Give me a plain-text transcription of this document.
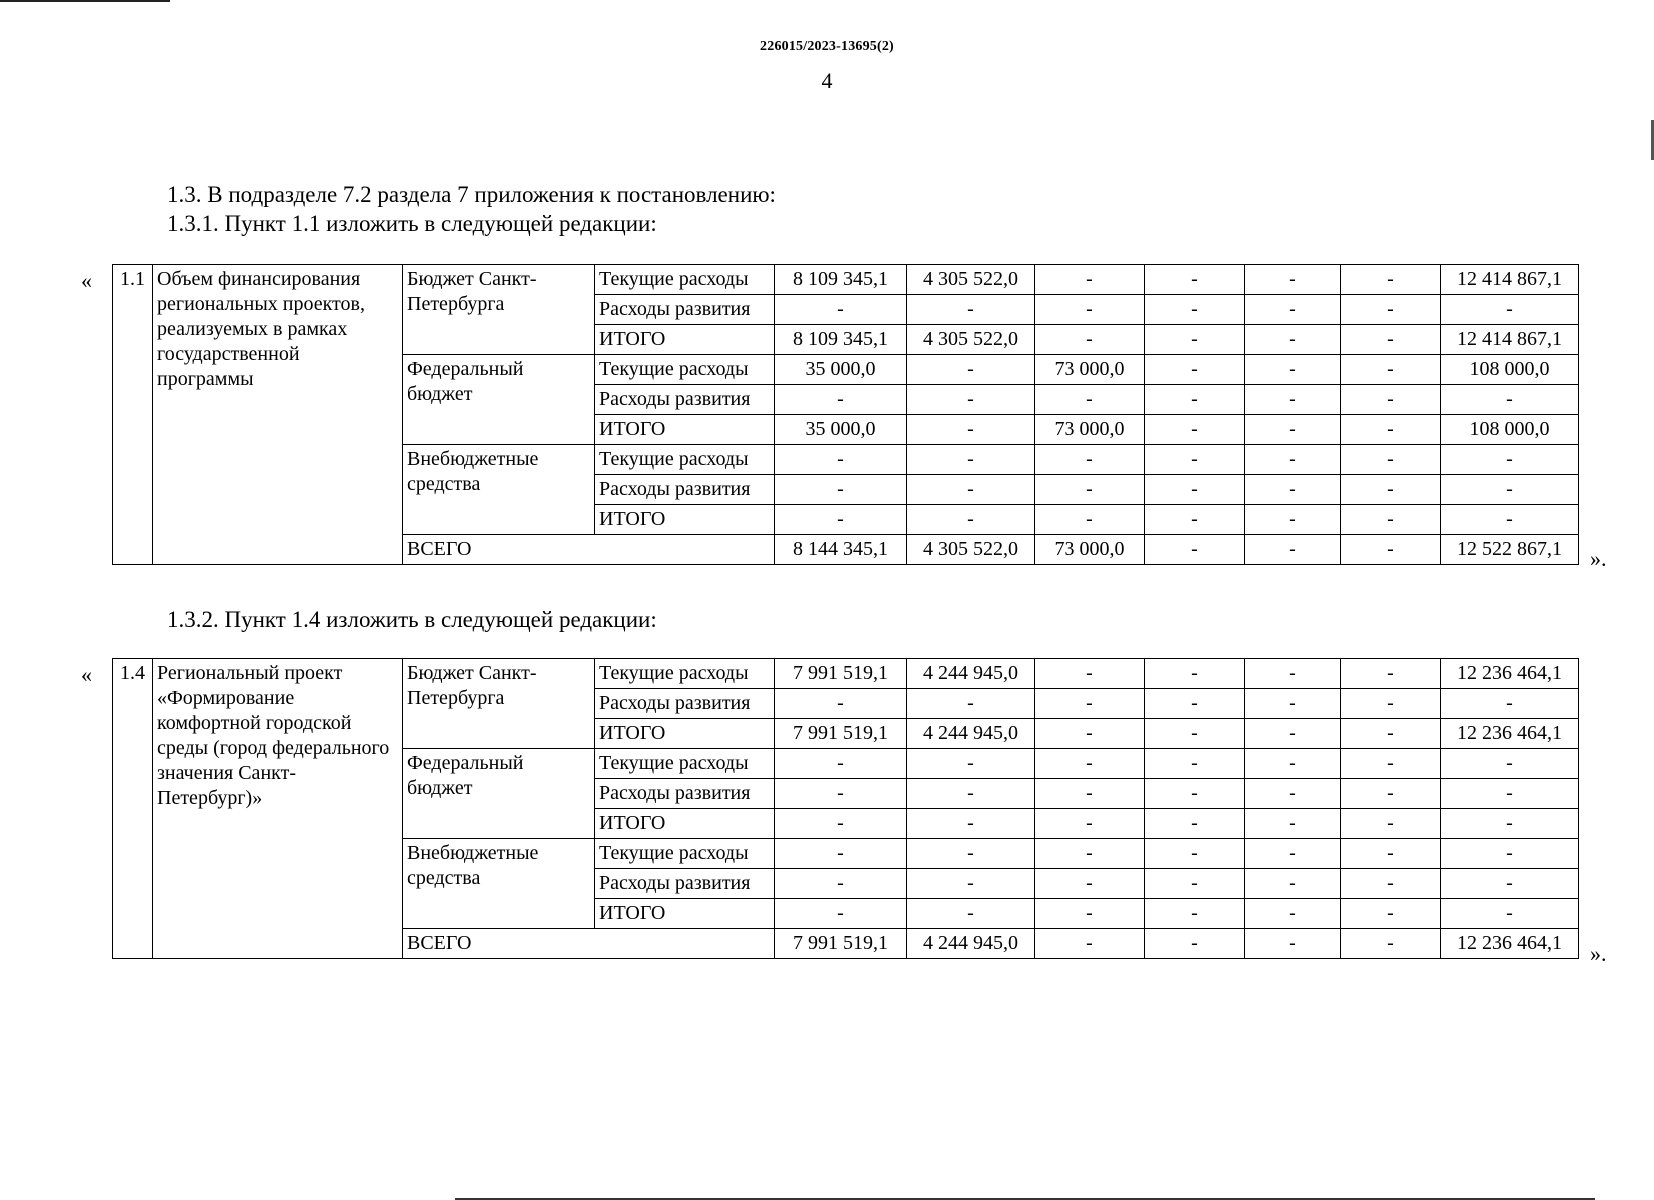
226015/2023-13695(2)
4
1.3. В подразделе 7.2 раздела 7 приложения к постановлению:
1.3.1. Пункт 1.1 изложить в следующей редакции:
« 1.1	Объем финансирования региональных проектов, реализуемых в рамках государственной программы	Бюджет Санкт-Петербурга	Текущие расходы	8 109 345,1	4 305 522,0	-	-	-	-	12 414 867,1
			Расходы развития	-	-	-	-	-	-	-
			ИТОГО	8 109 345,1	4 305 522,0	-	-	-	-	12 414 867,1
		Федеральный бюджет	Текущие расходы	35 000,0	-	73 000,0	-	-	-	108 000,0
			Расходы развития	-	-	-	-	-	-	-
			ИТОГО	35 000,0	-	73 000,0	-	-	-	108 000,0
		Внебюджетные средства	Текущие расходы	-	-	-	-	-	-	-
			Расходы развития	-	-	-	-	-	-	-
			ИТОГО	-	-	-	-	-	-	-
		ВСЕГО		8 144 345,1	4 305 522,0	73 000,0	-	-	-	12 522 867,1 ».
1.3.2. Пункт 1.4 изложить в следующей редакции:
« 1.4	Региональный проект «Формирование комфортной городской среды (город федерального значения Санкт-Петербург)»	Бюджет Санкт-Петербурга	Текущие расходы	7 991 519,1	4 244 945,0	-	-	-	-	12 236 464,1
			Расходы развития	-	-	-	-	-	-	-
			ИТОГО	7 991 519,1	4 244 945,0	-	-	-	-	12 236 464,1
		Федеральный бюджет	Текущие расходы	-	-	-	-	-	-	-
			Расходы развития	-	-	-	-	-	-	-
			ИТОГО	-	-	-	-	-	-	-
		Внебюджетные средства	Текущие расходы	-	-	-	-	-	-	-
			Расходы развития	-	-	-	-	-	-	-
			ИТОГО	-	-	-	-	-	-	-
		ВСЕГО		7 991 519,1	4 244 945,0	-	-	-	-	12 236 464,1 ».
